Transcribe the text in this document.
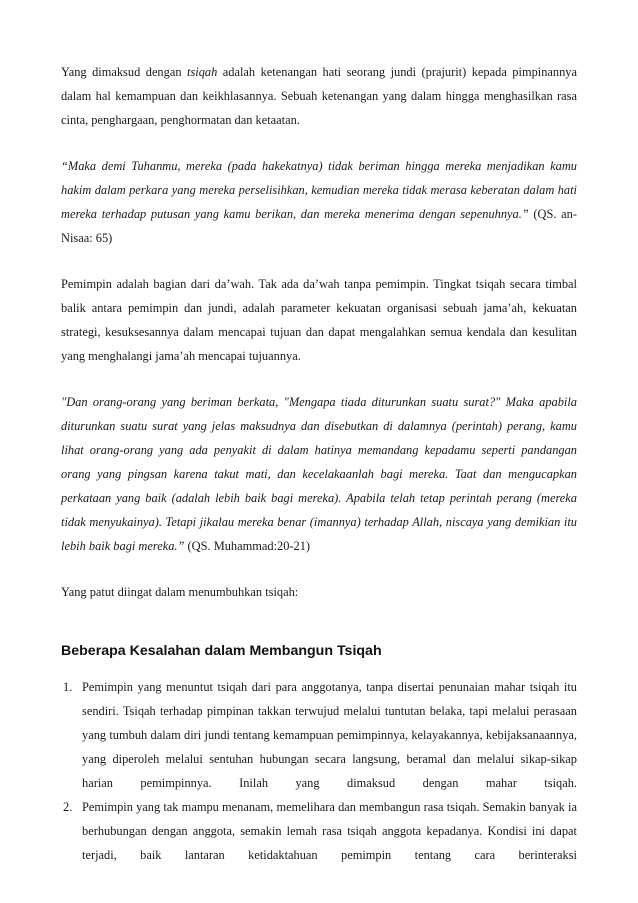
Yang dimaksud dengan tsiqah adalah ketenangan hati seorang jundi (prajurit) kepada pimpinannya dalam hal kemampuan dan keikhlasannya. Sebuah ketenangan yang dalam hingga menghasilkan rasa cinta, penghargaan, penghormatan dan ketaatan.

“Maka demi Tuhanmu, mereka (pada hakekatnya) tidak beriman hingga mereka menjadikan kamu hakim dalam perkara yang mereka perselisihkan, kemudian mereka tidak merasa keberatan dalam hati mereka terhadap putusan yang kamu berikan, dan mereka menerima dengan sepenuhnya.” (QS. an-Nisaa: 65)

Pemimpin adalah bagian dari da’wah. Tak ada da’wah tanpa pemimpin. Tingkat tsiqah secara timbal balik antara pemimpin dan jundi, adalah parameter kekuatan organisasi sebuah jama’ah, kekuatan strategi, kesuksesannya dalam mencapai tujuan dan dapat mengalahkan semua kendala dan kesulitan yang menghalangi jama’ah mencapai tujuannya.

"Dan orang-orang yang beriman berkata, "Mengapa tiada diturunkan suatu surat?" Maka apabila diturunkan suatu surat yang jelas maksudnya dan disebutkan di dalamnya (perintah) perang, kamu lihat orang-orang yang ada penyakit di dalam hatinya memandang kepadamu seperti pandangan orang yang pingsan karena takut mati, dan kecelakaanlah bagi mereka. Taat dan mengucapkan perkataan yang baik (adalah lebih baik bagi mereka). Apabila telah tetap perintah perang (mereka tidak menyukainya). Tetapi jikalau mereka benar (imannya) terhadap Allah, niscaya yang demikian itu lebih baik bagi mereka.” (QS. Muhammad:20-21)

Yang patut diingat dalam menumbuhkan tsiqah:

Beberapa Kesalahan dalam Membangun Tsiqah
1. Pemimpin yang menuntut tsiqah dari para anggotanya, tanpa disertai penunaian mahar tsiqah itu sendiri. Tsiqah terhadap pimpinan takkan terwujud melalui tuntutan belaka, tapi melalui perasaan yang tumbuh dalam diri jundi tentang kemampuan pemimpinnya, kelayakannya, kebijaksanaannya, yang diperoleh melalui sentuhan hubungan secara langsung, beramal dan melalui sikap-sikap harian pemimpinnya. Inilah yang dimaksud dengan mahar tsiqah.
2. Pemimpin yang tak mampu menanam, memelihara dan membangun rasa tsiqah. Semakin banyak ia berhubungan dengan anggota, semakin lemah rasa tsiqah anggota kepadanya. Kondisi ini dapat terjadi, baik lantaran ketidaktahuan pemimpin tentang cara berinteraksi
